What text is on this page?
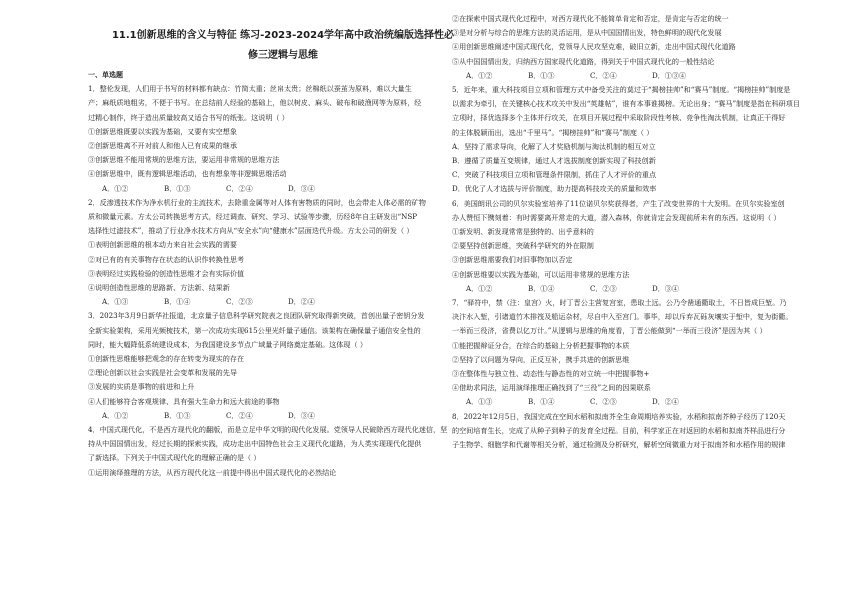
11.1创新思维的含义与特征 练习-2023-2024学年高中政治统编版选择性必
修三逻辑与思维
一、单选题
1．整伦发现，人们用于书写的材料都有缺点：竹简太重；丝帛太贵；丝棉纸以蚕茧为原料，难以大量生
产；麻纸质地粗劣，不便于书写。在总结前人经验的基础上，他以树皮、麻头、破布和破渔网等为原料，经
过精心制作，终于造出质量较高又适合书写的纸张。这说明（ ）
①创新思维既要以实践为基础，又要有实空想象
②创新思维离不开对前人和他人已有成果的继承
③创新思维不能用常规的思维方法，要运用非常规的思维方法
④创新思维中，既有逻辑思维活动，也有想象等非逻辑思维活动
A．①②	B．①③	C．②④	D．③④
2．反渗透技术作为净水机行业的主流技术，去除重金属等对人体有害物质的同时，也会带走人体必需的矿物
质和微量元素。方太公司转换思考方式，经过调查、研究、学习、试验等步骤，历经8年自主研发出“NSP
选择性过滤技术”，推动了行业净水技术方向从“安全水”向“健康水”层面迭代升级。方太公司的研发（ ）
①表明创新思维的根本动力来自社会实践的需要
②对已有的有关事物存在状态的认识作转换性思考
③表明经过实践检验的创造性思维才会有实际价值
④说明创造性思维的思路新、方法新、结果新
A．①③	B．①④	C．②③	D．②④
3．2023年3月9日新华社报道，北京量子信息科学研究院表之良团队研究取得新突破，首创出量子密钥分发
全新实验架构，采用光频梳技术，第一次成功实现615公里光纤量子通信。该架构在确保量子通信安全性的
同时，能大幅降低系统建设成本，为我国建设多节点广域量子网络奠定基础。这体现（ ）
①创新性思维能够把观念的存在转变为现实的存在
②理论创新以社会实践是社会变革和发展的先导
③发展的实质是事物的前进和上升
④人们能够符合客观规律、具有强大生命力和远大前途的事物
A．①②	B．①③	C．②④	D．③④
4．中国式现代化，不是西方现代化的翻版，而是立足中华文明的现代化发展。党领导人民破除西方现代化迷信，坚
持从中国国情出发，经过长期的探索实践，成功走出中国特色社会主义现代化道路，为人类实现现代化提供
了新选择。下列关于中国式现代化的理解正确的是（ ）
①运用演绎推理的方法，从西方现代化这一前提中得出中国式现代化的必然结论
②在探索中国式现代化过程中，对西方现代化不能简单肯定和否定，是肯定与否定的统一
③是对分析与综合的思维方法的灵活运用，是从中国国情出发，特色鲜明的现代化发展
④用创新思维阐述中国式现代化，党领导人民攻坚克难，破旧立新，走出中国式现代化道路
⑤从中国国情出发，归纳西方国家现代化道路，得到关于中国式现代化的一般性结论
A．①②	B．①③	C．②④	D．①③④
5．近年来，重大科技项目立项和管理方式中备受关注的莫过于“揭榜挂帅”和“赛马”制度。“揭榜挂帅”制度是
以需求为牵引，在关键核心技术攻关中发出“英雄帖”，谁有本事谁揭榜。无论出身；“赛马”制度是指在科研项目
立项时，择优选择多个主体并行攻关，在项目开展过程中采取阶段性考核、竞争性淘汰机制，让真正干得好
的主体脱颖而出，选出“千里马”。“揭榜挂帅”和“赛马”制度（ ）
A．坚持了需求导向，化解了人才奖励机制与淘汰机制的相互对立
B．遵循了质量互变规律，通过人才选拔制度创新实现了科技创新
C．突破了科技项目立项和管理条件限制，抓住了人才评价的重点
D．优化了人才选拔与评价制度，助力提高科技攻关的质量和效率
6．美国朗讯公司的贝尔实验室培养了11位诺贝尔奖获得者，产生了改变世界的十大发明。在贝尔实验室创
办人赞恒下镌刻着：有时需要离开常走的大道，潜入森林，你就肯定会发现前所未有的东西。这说明（ ）
①新发明、新发现常常是独特的、出乎意料的
②要坚持创新思维，突破科学研究的外在限制
③创新思维需要我们对旧事物加以否定
④创新思维要以实践为基础，可以运用非常规的思维方法
A．①②	B．①④	C．②③	D．③④
7．“驿符中，禁（注：皇宫）火，时丁晋公主营复宫室，患取土远。公乃令凿通衢取土，不日皆成巨堑。乃
决汴水入堑，引诸道竹木排筏及船运杂材，尽自中入至宫门。事毕，却以斥弃瓦砾灰壤实于堑中，复为街衢。
一举而三役济，省费以亿万计。”从逻辑与思维的角度看，丁晋公能做到“一举而三役济”是因为其（ ）
①能把握辩证分合，在综合的基础上分析把握事物的本质
②坚持了以问题为导向，正反互补，携手共进的创新思维
③在整体性与独立性、动态性与静态性的对立统一中把握事物+
④借助求同法，运用演绎推理正确找到了“三役”之间的因果联系
A．①③	B．①④	C．②③	D．②④
8．2022年12月5日，我国完成在空间水稻和拟南芥全生命周期培养实验，水稻和拟南芥种子经历了120天
的空间培育生长，完成了从种子到种子的发育全过程。目前，科学家正在对返回的水稻和拟南芥样品进行分
子生物学、细胞学和代谢等相关分析，通过检测及分析研究，解析空间微重力对于拟南芥和水稻作用的规律
